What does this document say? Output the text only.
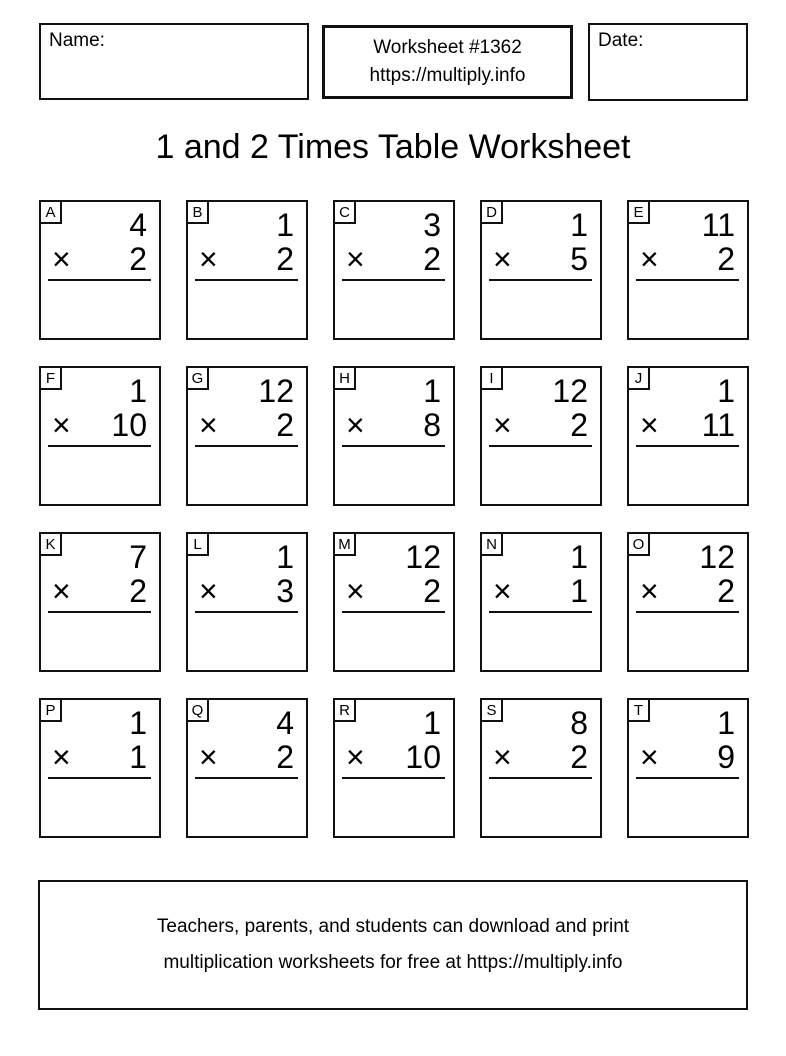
Name:	Worksheet #1362
https://multiply.info
Date:
1 and 2 Times Table Worksheet
A	4
× 2
B	1
× 2
C	3
× 2
D	1
× 5
E	11
× 2
F	1
× 10
G	12
× 2
H	1
× 8
I	12
× 2
J	1
× 11
K	7
× 2
L	1
× 3
M	12
× 2
N	1
× 1
O	12
× 2
P	1
× 1
Q	4
× 2
R	1
× 10
S	8
× 2
T	1
× 9
Teachers, parents, and students can download and print
multiplication worksheets for free at https://multiply.info
